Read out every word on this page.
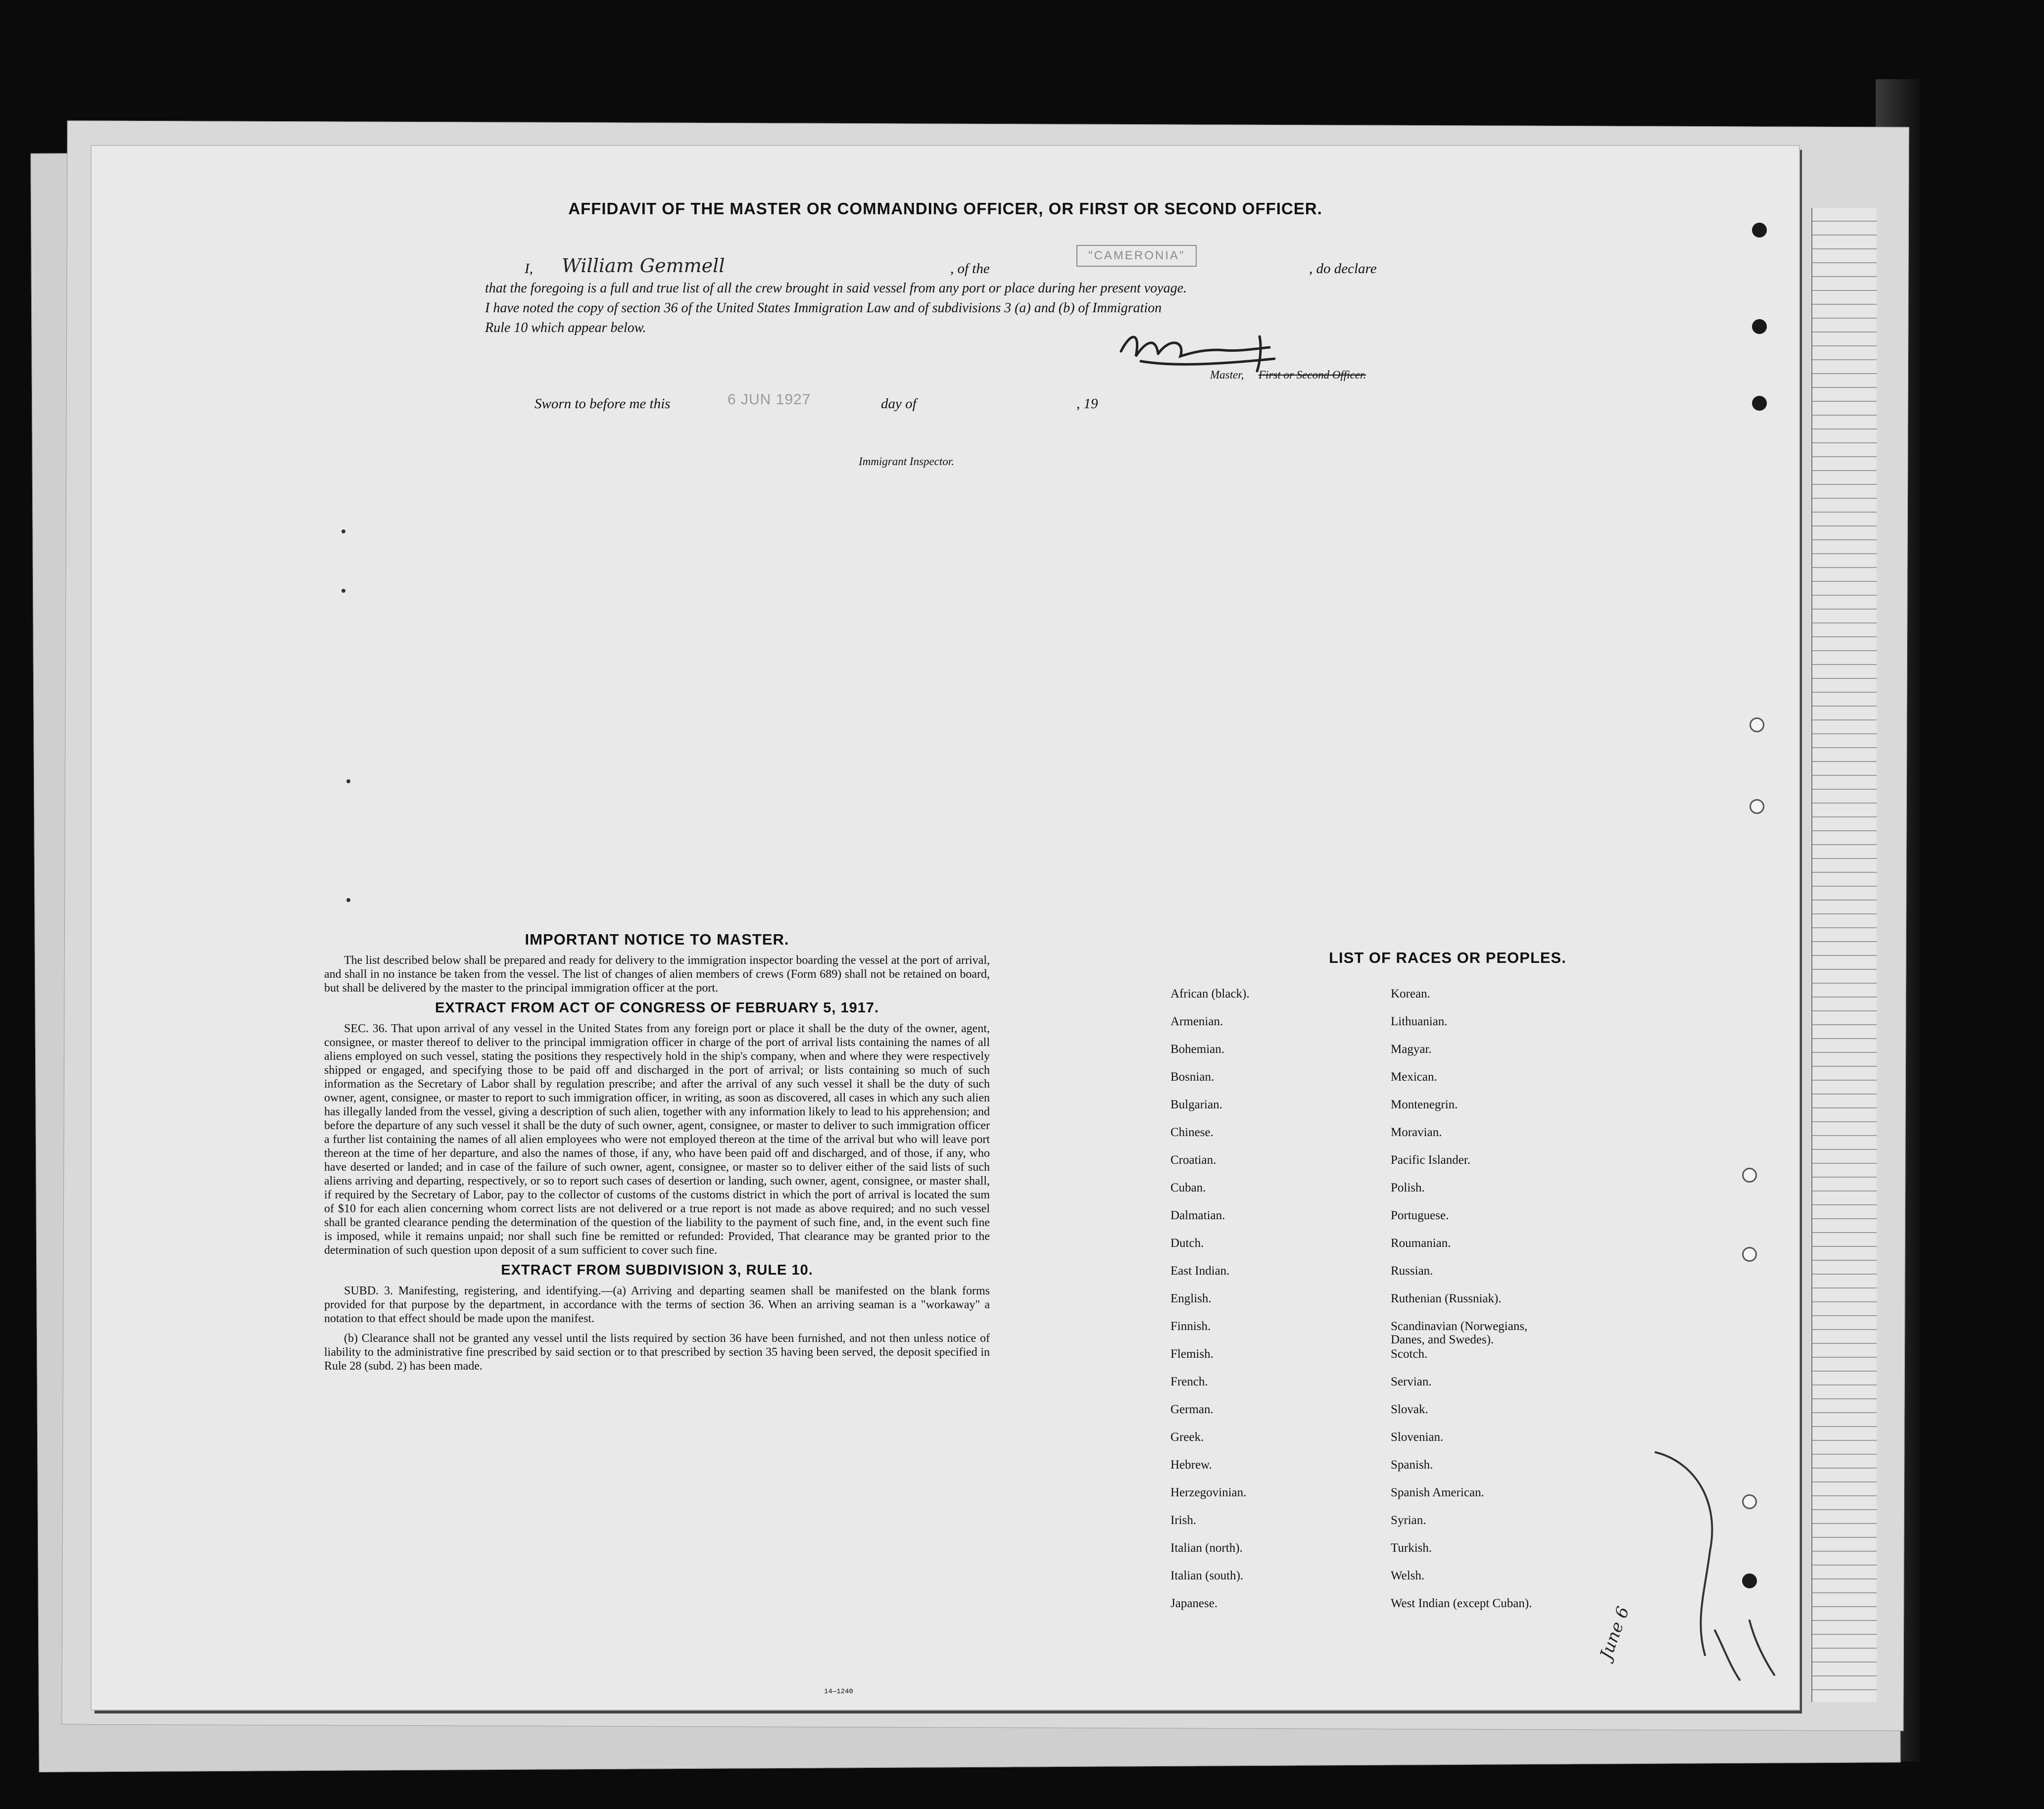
AFFIDAVIT OF THE MASTER OR COMMANDING OFFICER, OR FIRST OR SECOND OFFICER.
I, William Gemmell	, of the
"CAMERONIA"
, do declare
that the foregoing is a full and true list of all the crew brought in said vessel from any port or place during her present voyage.
I have noted the copy of section 36 of the United States Immigration Law and of subdivisions 3 (a) and (b) of Immigration
Rule 10 which appear below.
Master, First or Second Officer.
Sworn to before me this	6 JUN 1927	day of	, 19
Immigrant Inspector.
IMPORTANT NOTICE TO MASTER.

The list described below shall be prepared and ready for delivery to the immigration inspector boarding the vessel at the port of arrival, and shall in no instance be taken from the vessel. The list of changes of alien members of crews (Form 689) shall not be retained on board, but shall be delivered by the master to the principal immigration officer at the port.

EXTRACT FROM ACT OF CONGRESS OF FEBRUARY 5, 1917.

SEC. 36. That upon arrival of any vessel in the United States from any foreign port or place it shall be the duty of the owner, agent, consignee, or master thereof to deliver to the principal immigration officer in charge of the port of arrival lists containing the names of all aliens employed on such vessel, stating the positions they respectively hold in the ship's company, when and where they were respectively shipped or engaged, and specifying those to be paid off and discharged in the port of arrival; or lists containing so much of such information as the Secretary of Labor shall by regulation prescribe; and after the arrival of any such vessel it shall be the duty of such owner, agent, consignee, or master to report to such immigration officer, in writing, as soon as discovered, all cases in which any such alien has illegally landed from the vessel, giving a description of such alien, together with any information likely to lead to his apprehension; and before the departure of any such vessel it shall be the duty of such owner, agent, consignee, or master to deliver to such immigration officer a further list containing the names of all alien employees who were not employed thereon at the time of the arrival but who will leave port thereon at the time of her departure, and also the names of those, if any, who have been paid off and discharged, and of those, if any, who have deserted or landed; and in case of the failure of such owner, agent, consignee, or master so to deliver either of the said lists of such aliens arriving and departing, respectively, or so to report such cases of desertion or landing, such owner, agent, consignee, or master shall, if required by the Secretary of Labor, pay to the collector of customs of the customs district in which the port of arrival is located the sum of $10 for each alien concerning whom correct lists are not delivered or a true report is not made as above required; and no such vessel shall be granted clearance pending the determination of the question of the liability to the payment of such fine, and, in the event such fine is imposed, while it remains unpaid; nor shall such fine be remitted or refunded: Provided, That clearance may be granted prior to the determination of such question upon deposit of a sum sufficient to cover such fine.

EXTRACT FROM SUBDIVISION 3, RULE 10.

SUBD. 3. Manifesting, registering, and identifying.—(a) Arriving and departing seamen shall be manifested on the blank forms provided for that purpose by the department, in accordance with the terms of section 36. When an arriving seaman is a "workaway" a notation to that effect should be made upon the manifest.

(b) Clearance shall not be granted any vessel until the lists required by section 36 have been furnished, and not then unless notice of liability to the administrative fine prescribed by said section or to that prescribed by section 35 having been served, the deposit specified in Rule 28 (subd. 2) has been made.

14—1240
LIST OF RACES OR PEOPLES.
African (black).	Korean.
Armenian.	Lithuanian.
Bohemian.	Magyar.
Bosnian.	Mexican.
Bulgarian.	Montenegrin.
Chinese.	Moravian.
Croatian.	Pacific Islander.
Cuban.	Polish.
Dalmatian.	Portuguese.
Dutch.	Roumanian.
East Indian.	Russian.
English.	Ruthenian (Russniak).
Finnish.	Scandinavian (Norwegians,
Danes, and Swedes).
Flemish.	Scotch.
French.	Servian.
German.	Slovak.
Greek.	Slovenian.
Hebrew.	Spanish.
Herzegovinian.	Spanish American.
Irish.	Syrian.
Italian (north).	Turkish.
Italian (south).	Welsh.
Japanese.	West Indian (except Cuban).
June 6
